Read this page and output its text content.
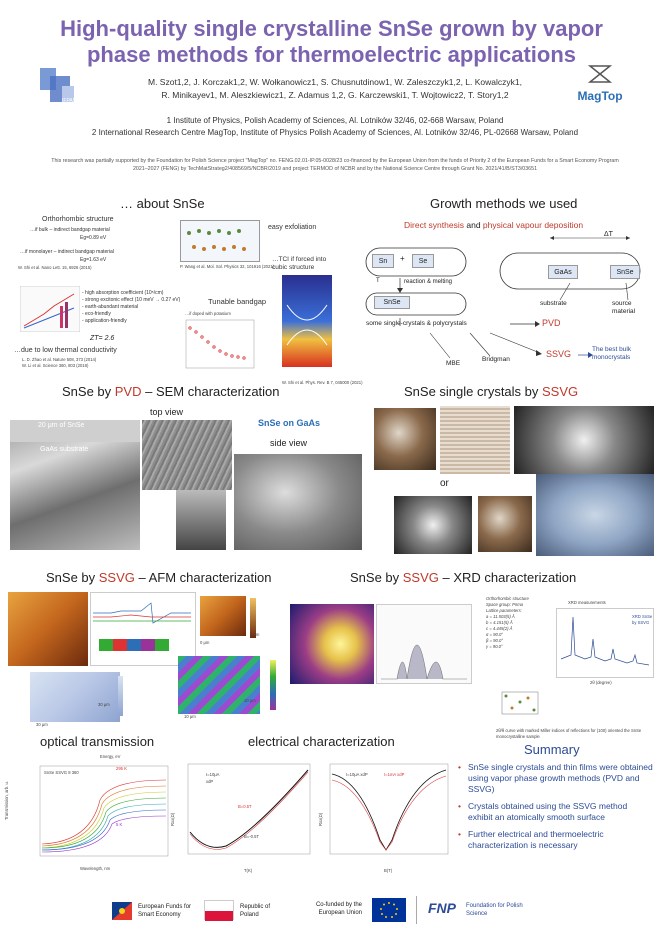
High-quality single crystalline SnSe grown by vapor
phase methods for thermoelectric applications
IFPAN
M. Szot1,2, J. Korczak1,2, W. Wołkanowicz1, S. Chusnutdinow1, W. Zaleszczyk1,2, L. Kowalczyk1,
R. Minikayev1, M. Aleszkiewicz1, Z. Adamus 1,2, G. Karczewski1, T. Wojtowicz2, T. Story1,2	MagTop
1 Institute of Physics, Polish Academy of Sciences, Al. Lotników 32/46, 02-668 Warsaw, Poland
2 International Research Centre MagTop, Institute of Physics Polish Academy of Sciences, Al. Lotników 32/46, PL-02668 Warsaw, Poland
This research was partially supported by the Foundation for Polish Science project "MagTop" no. FENG.02.01-IP.05-0028/23 co-financed by the European Union from the funds of Priority 2 of the European Funds for a Smart Economy Program 2021–2027 (FENG) by TechMatStrateg2/408569/5/NCBR/2019 and project TERMOD of NCBR and by the National Science Centre through Grant No. 2021/41/B/ST3/03651
… about SnSe
Orthorhombic structure
…if bulk – indirect bandgap material
Eg=0.89 eV
…if monolayer – indirect bandgap material
Eg=1.63 eV
W. Shi et al. Nano Lett. 15, 6926 (2015)	P. Wang et al. Mol. Sol. Physics 32, 101916 (2021)
easy exfoliation
…TCI if forced into cubic structure
W. Shi et al. Phys. Rev. B 7, 045000 (2021)
- high absorption coefficient (10⁵/cm)
- strong excitonic effect (10 meV → 0.27 eV)
- earth-abundant material
- eco-friendly
- application-friendly
ZT= 2.6
…due to low thermal conductivity
L. D. Zhao et al. Nature 508, 373 (2014)
W. Li et al. Science 360, 803 (2018)
Tunable bandgap
…if doped with potasium
Growth methods we used
Direct synthesis and physical vapour deposition
Sn	+	Se
T	reaction & melting
SnSe
ΔT
GaAs	SnSe
substrate	source material
some single-crystals & polycrystals	PVD
MBE
Bridgman
SSVG	The best bulk monocrystals
SnSe by PVD – SEM characterization
top view
20 μm of SnSe
GaAs substrate
SnSe on GaAs
side view
SnSe single crystals by SSVG
or
SnSe by SSVG – AFM characterization
3 μm
0 μm
30 μm
30 μm
10 μm
10 μm
SnSe by SSVG – XRD characterization
Orthorhombic structure
Space group: Pnma
Lattice parameters:
a = 11.503(5) Å
b = 4.151(5) Å
c = 4.445(2) Å
α = 90.0°
β = 90.0°
γ = 90.0°
XRD measurements
XRD SnSe by SSVG
2θ (degree)
2θ/θ curve with marked Miller indices of reflections for (100) oriented the SnSe monocrystalline sample
optical transmission
Energy, eV
SnSe SSVG 8 360
295 K
5 K
Wavelength, nm
Transmission, arb. u.
electrical characterization
I=10μA
xdP
B=0.5T
B=-0.5T
T(K)
Rxx(Ω)
I=10μA xdP	I=1mA xdP
B(T)
Rxx(Ω)
Summary
• SnSe single crystals and thin films were obtained using vapor phase growth methods (PVD and SSVG)
• Crystals obtained using the SSVG method exhibit an atomically smooth surface
• Further electrical and thermoelectric characterization is necessary
European Funds for Smart Economy
Republic of Poland
Co-funded by the European Union	FNP Foundation for Polish Science
